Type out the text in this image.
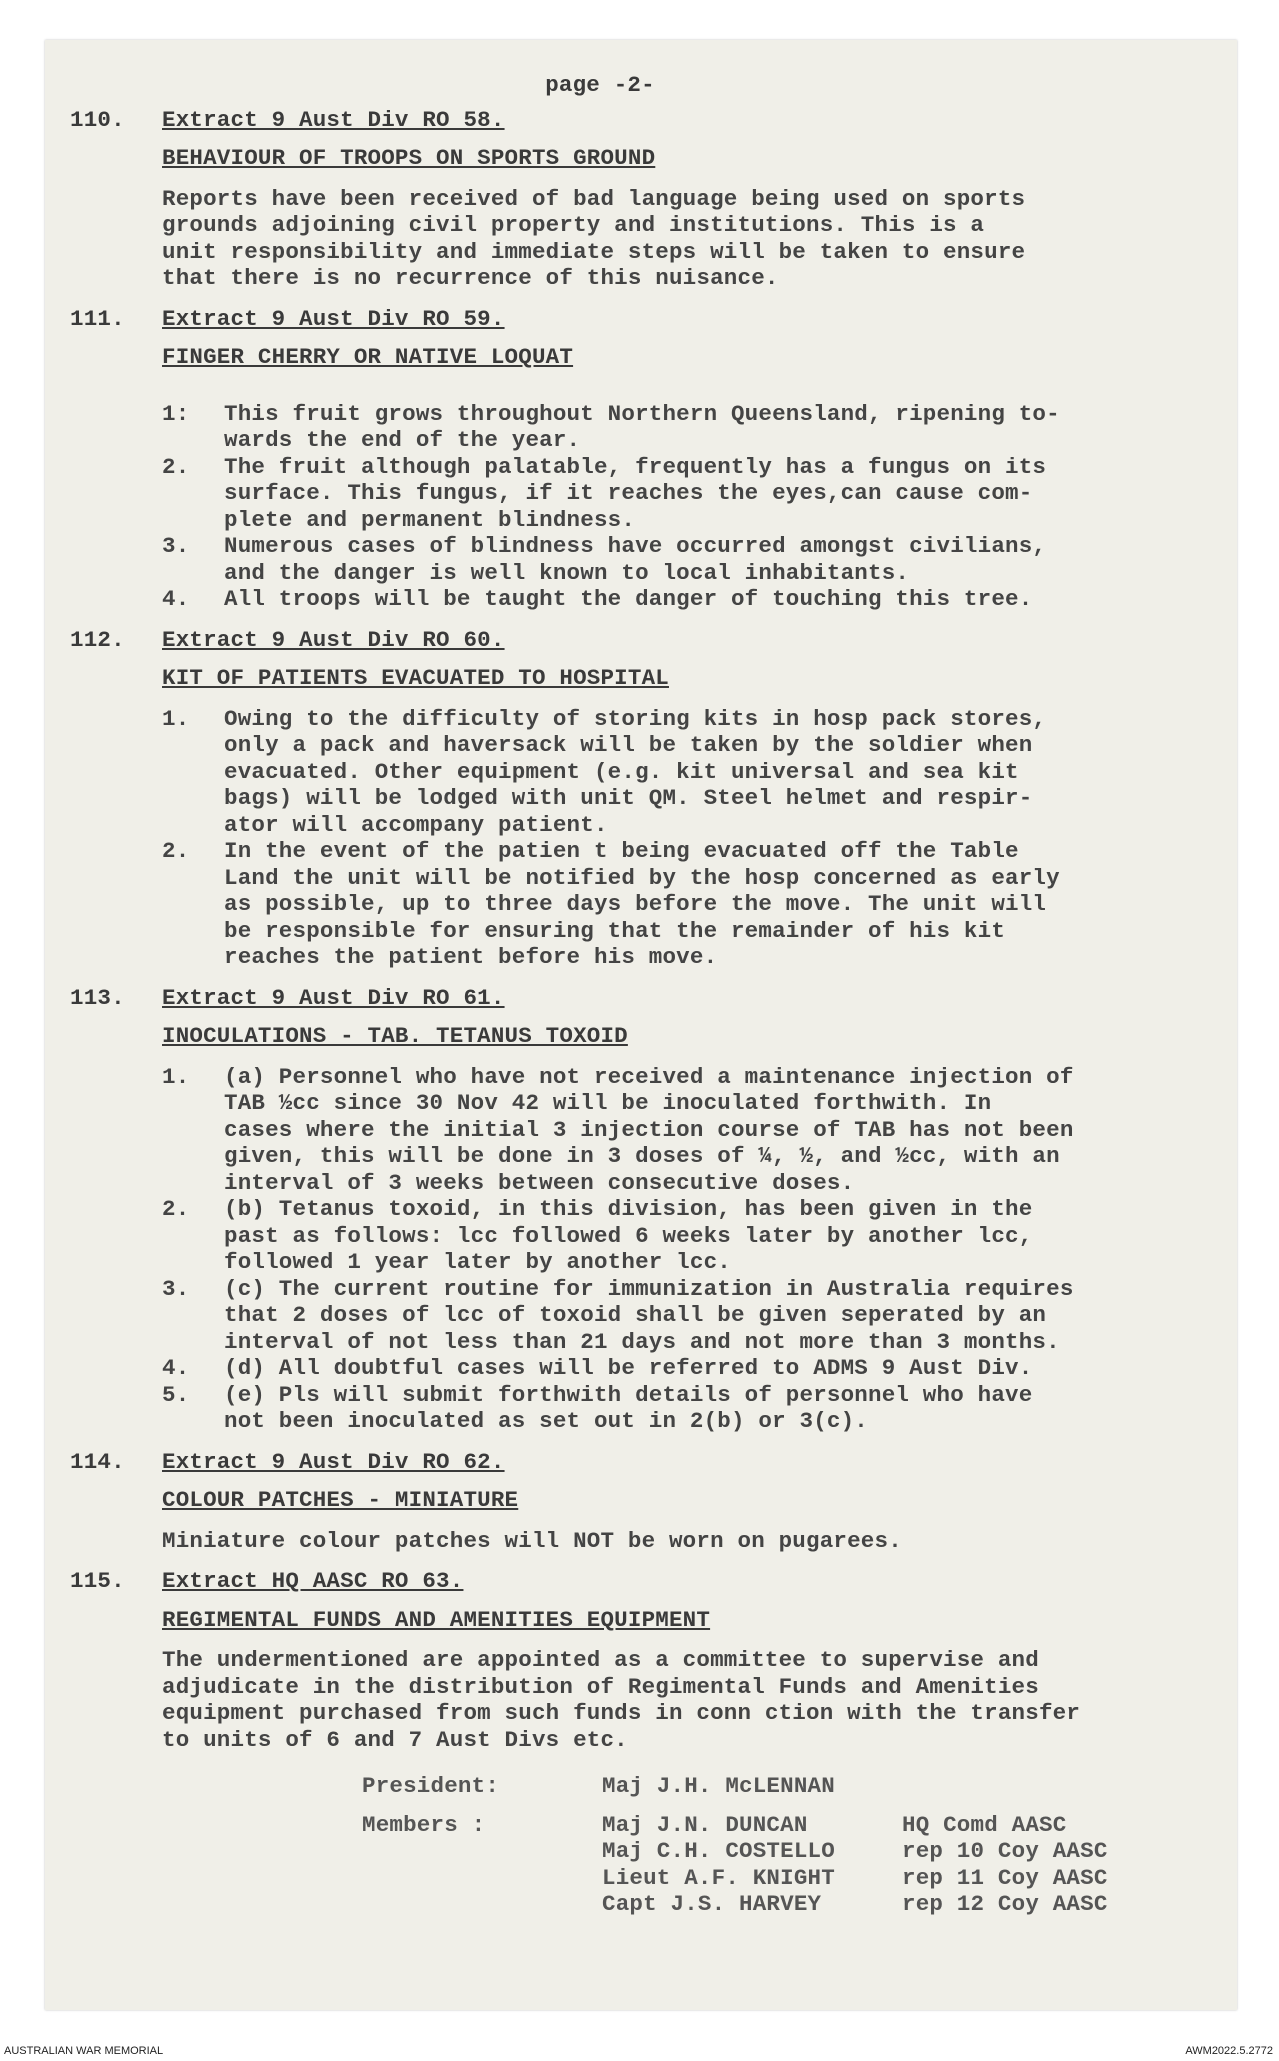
page -2-
110.	Extract 9 Aust Div RO 58.
BEHAVIOUR OF TROOPS ON SPORTS GROUND
Reports have been received of bad language being used on sports
grounds adjoining civil property and institutions. This is a
unit responsibility and immediate steps will be taken to ensure
that there is no recurrence of this nuisance.
111.	Extract 9 Aust Div RO 59.
FINGER CHERRY OR NATIVE LOQUAT
1:	This fruit grows throughout Northern Queensland, ripening to-
wards the end of the year.
2.	The fruit although palatable, frequently has a fungus on its
surface. This fungus, if it reaches the eyes,can cause com-
plete and permanent blindness.
3.	Numerous cases of blindness have occurred amongst civilians,
and the danger is well known to local inhabitants.
4.	All troops will be taught the danger of touching this tree.
112.	Extract 9 Aust Div RO 60.
KIT OF PATIENTS EVACUATED TO HOSPITAL
1.	Owing to the difficulty of storing kits in hosp pack stores,
only a pack and haversack will be taken by the soldier when
evacuated. Other equipment (e.g. kit universal and sea kit
bags) will be lodged with unit QM. Steel helmet and respir-
ator will accompany patient.
2.	In the event of the patien t being evacuated off the Table
Land the unit will be notified by the hosp concerned as early
as possible, up to three days before the move. The unit will
be responsible for ensuring that the remainder of his kit
reaches the patient before his move.
113.	Extract 9 Aust Div RO 61.
INOCULATIONS - TAB. TETANUS TOXOID
1.	(a) Personnel who have not received a maintenance injection of
TAB ½cc since 30 Nov 42 will be inoculated forthwith. In
cases where the initial 3 injection course of TAB has not been
given, this will be done in 3 doses of ¼, ½, and ½cc, with an
interval of 3 weeks between consecutive doses.
2.	(b) Tetanus toxoid, in this division, has been given in the
past as follows: lcc followed 6 weeks later by another lcc,
followed 1 year later by another lcc.
3.	(c) The current routine for immunization in Australia requires
that 2 doses of lcc of toxoid shall be given seperated by an
interval of not less than 21 days and not more than 3 months.
4.	(d) All doubtful cases will be referred to ADMS 9 Aust Div.
5.	(e) Pls will submit forthwith details of personnel who have
not been inoculated as set out in 2(b) or 3(c).
114.	Extract 9 Aust Div RO 62.
COLOUR PATCHES - MINIATURE
Miniature colour patches will NOT be worn on pugarees.
115.	Extract HQ AASC RO 63.
REGIMENTAL FUNDS AND AMENITIES EQUIPMENT
The undermentioned are appointed as a committee to supervise and
adjudicate in the distribution of Regimental Funds and Amenities
equipment purchased from such funds in conn ction with the transfer
to units of 6 and 7 Aust Divs etc.
President:	Maj J.H. McLENNAN
Members :	Maj J.N. DUNCAN	HQ Comd AASC
Maj C.H. COSTELLO	rep 10 Coy AASC
Lieut A.F. KNIGHT	rep 11 Coy AASC
Capt J.S. HARVEY	rep 12 Coy AASC
AUSTRALIAN WAR MEMORIAL	AWM2022.5.2772
